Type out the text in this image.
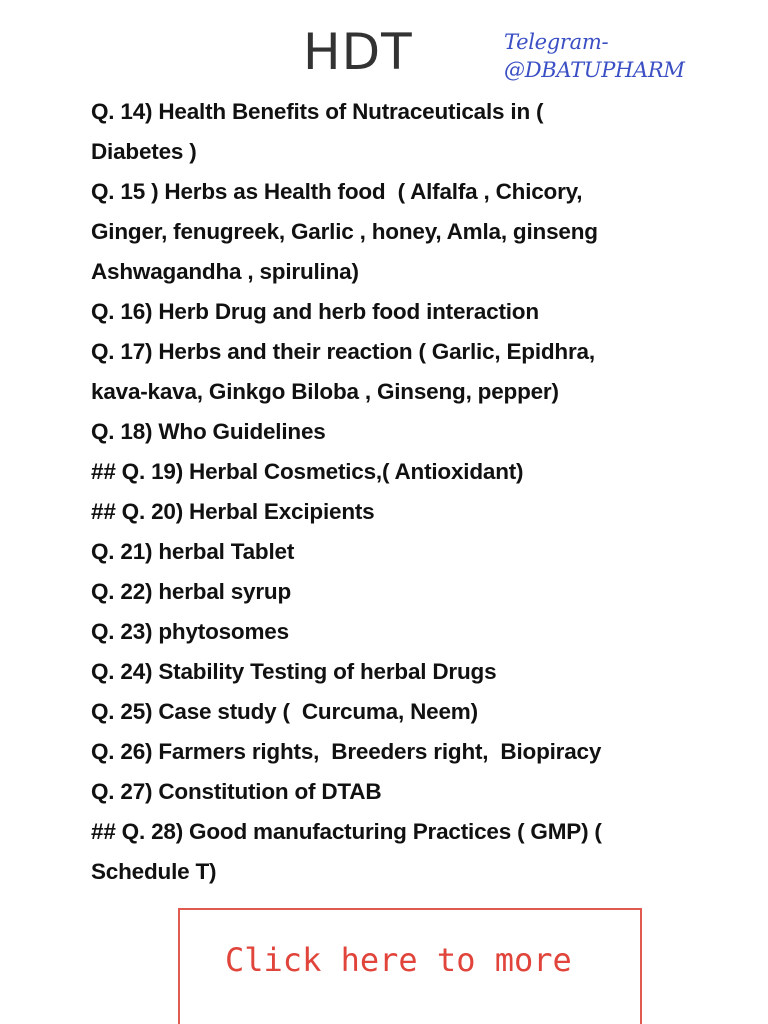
HDT	Telegram- @DBATUPHARM
Q. 14) Health Benefits of Nutraceuticals in (
Diabetes )
Q. 15 ) Herbs as Health food  ( Alfalfa , Chicory,
Ginger, fenugreek, Garlic , honey, Amla, ginseng
Ashwagandha , spirulina)
Q. 16) Herb Drug and herb food interaction
Q. 17) Herbs and their reaction ( Garlic, Epidhra,
kava-kava, Ginkgo Biloba , Ginseng, pepper)
Q. 18) Who Guidelines
## Q. 19) Herbal Cosmetics,( Antioxidant)
## Q. 20) Herbal Excipients
Q. 21) herbal Tablet
Q. 22) herbal syrup
Q. 23) phytosomes
Q. 24) Stability Testing of herbal Drugs
Q. 25) Case study (  Curcuma, Neem)
Q. 26) Farmers rights,  Breeders right,  Biopiracy
Q. 27) Constitution of DTAB
## Q. 28) Good manufacturing Practices ( GMP) (
Schedule T)
Click here to more
